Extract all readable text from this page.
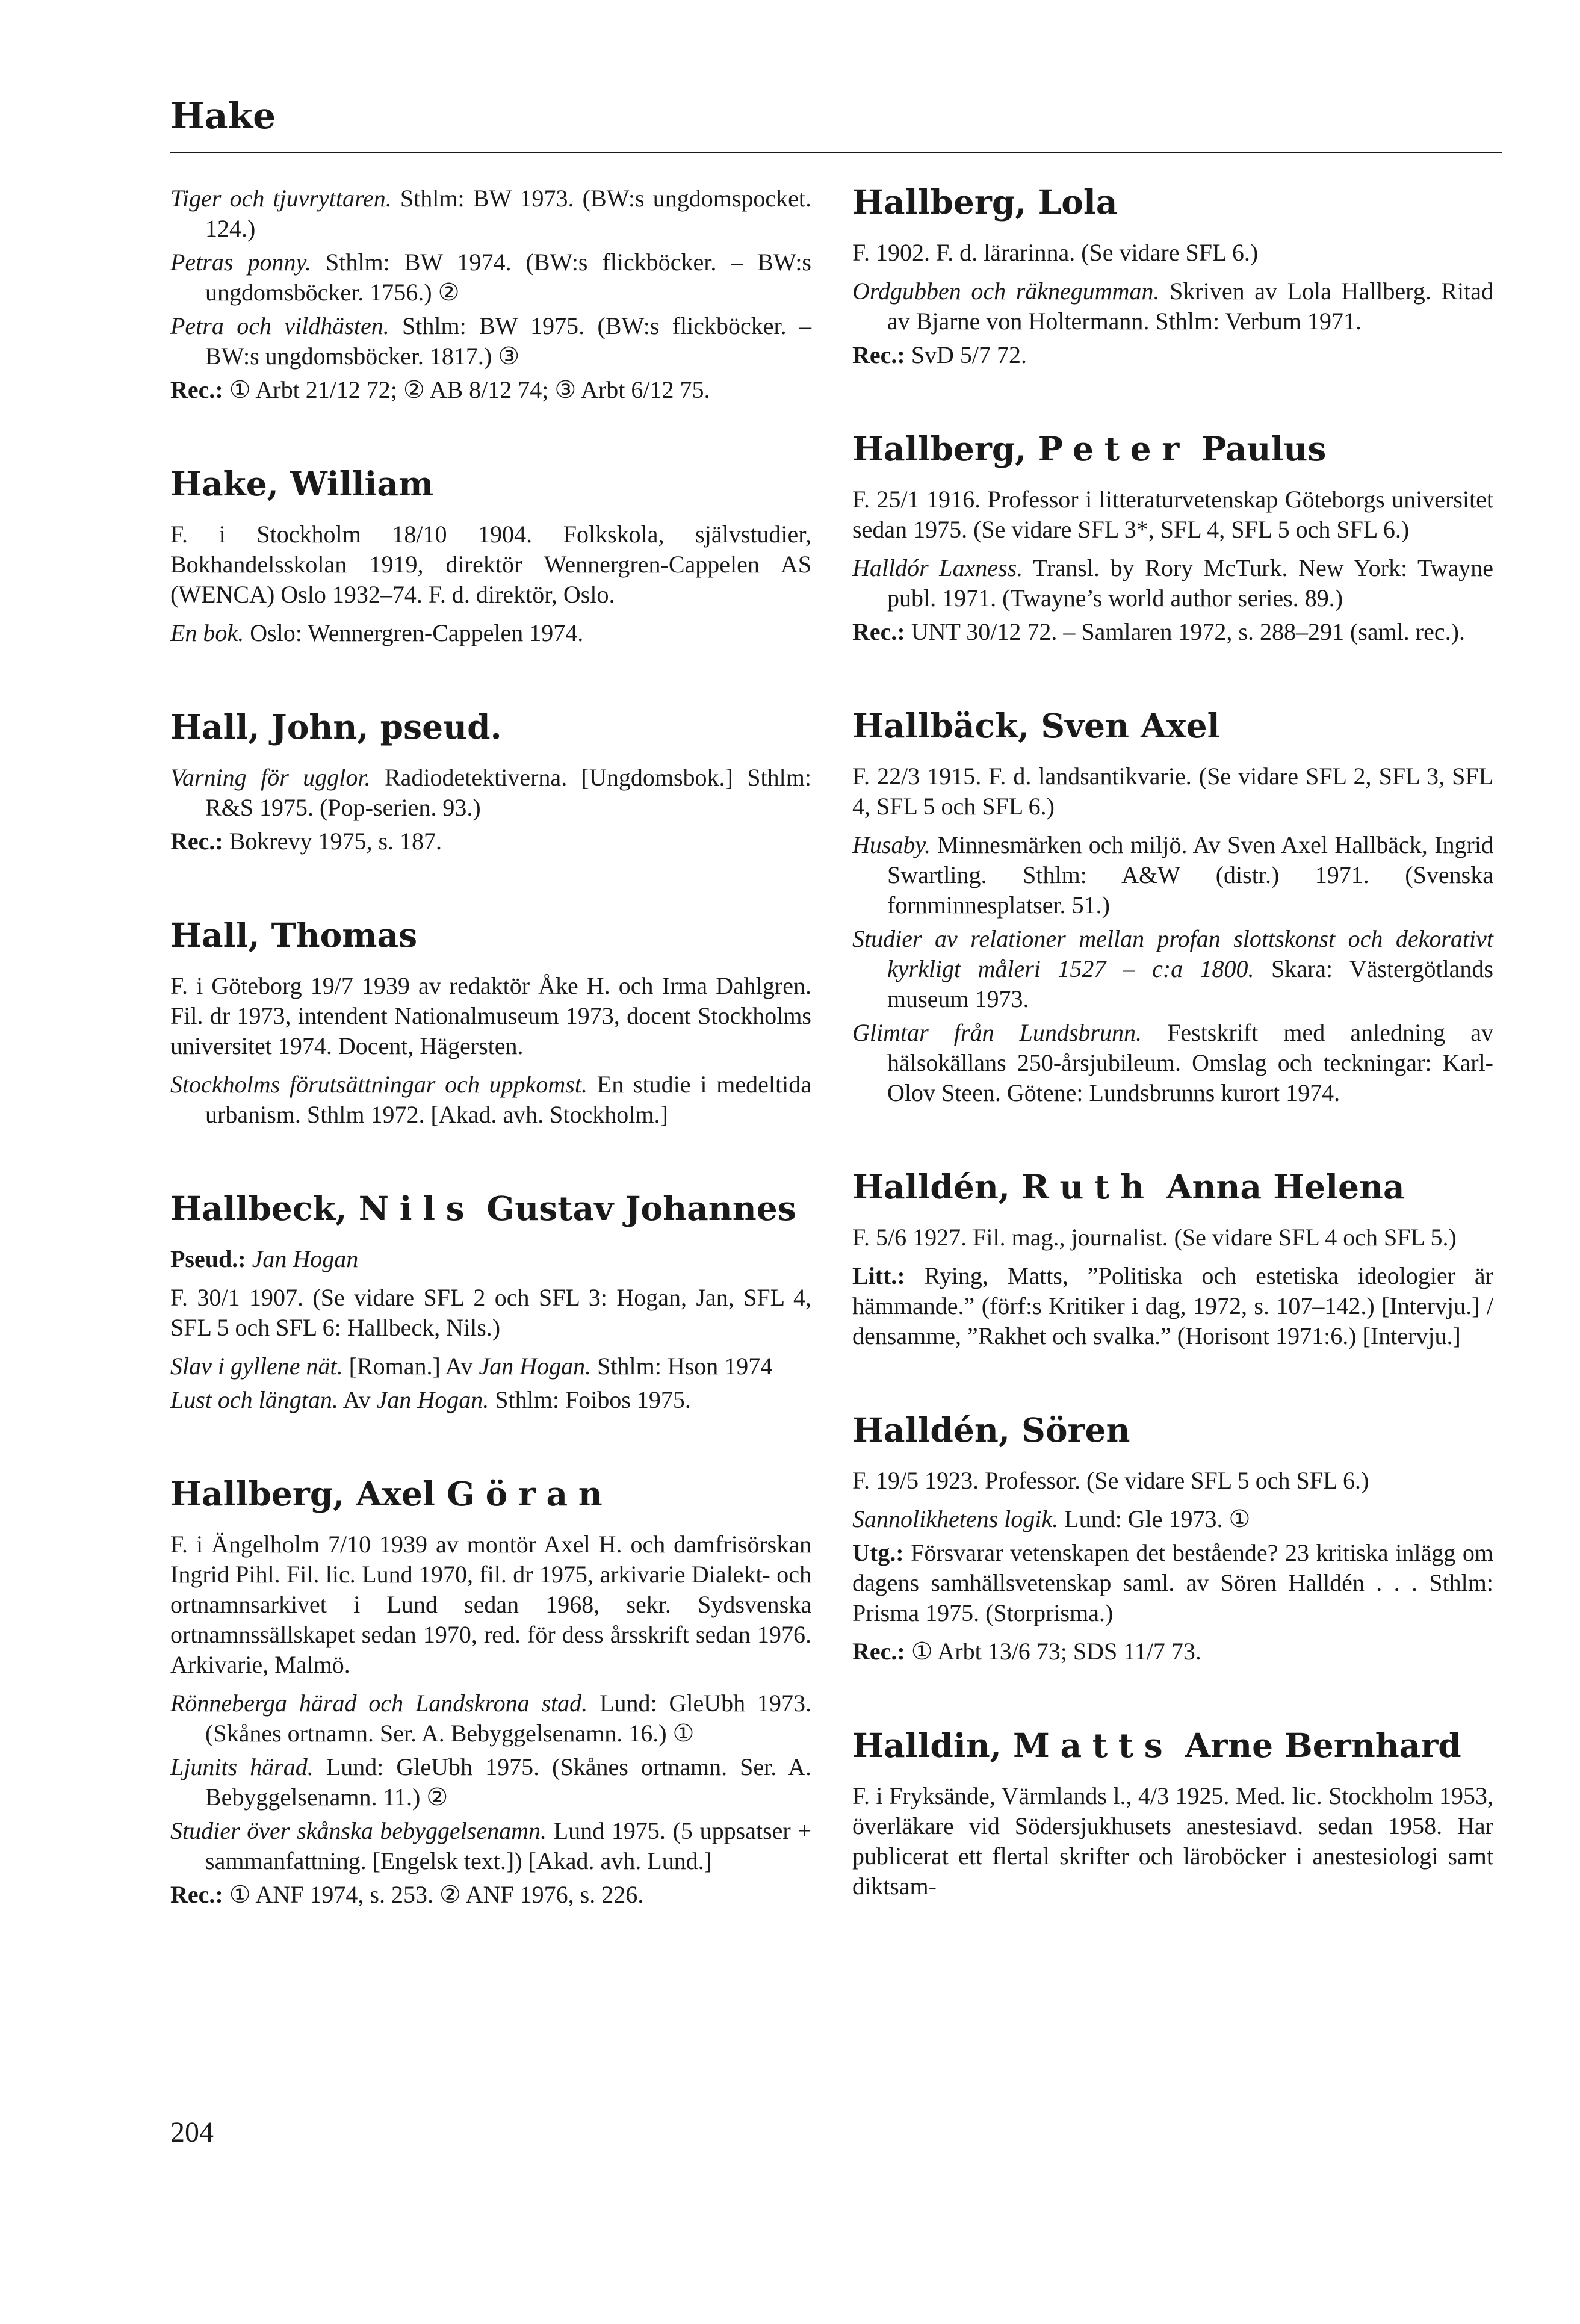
Hake

Tiger och tjuvryttaren. Sthlm: BW 1973. (BW:s ungdomspocket. 124.)

Petras ponny. Sthlm: BW 1974. (BW:s flickböcker. – BW:s ungdomsböcker. 1756.) ②

Petra och vildhästen. Sthlm: BW 1975. (BW:s flickböcker. – BW:s ungdomsböcker. 1817.) ③

Rec.: ① Arbt 21/12 72; ② AB 8/12 74; ③ Arbt 6/12 75.

Hake, William

F. i Stockholm 18/10 1904. Folkskola, självstudier, Bokhandelsskolan 1919, direktör Wennergren-Cappelen AS (WENCA) Oslo 1932–74. F. d. direktör, Oslo.

En bok. Oslo: Wennergren-Cappelen 1974.

Hall, John, pseud.

Varning för ugglor. Radiodetektiverna. [Ungdomsbok.] Sthlm: R&S 1975. (Pop-serien. 93.)

Rec.: Bokrevy 1975, s. 187.

Hall, Thomas

F. i Göteborg 19/7 1939 av redaktör Åke H. och Irma Dahlgren. Fil. dr 1973, intendent Nationalmuseum 1973, docent Stockholms universitet 1974. Docent, Hägersten.

Stockholms förutsättningar och uppkomst. En studie i medeltida urbanism. Sthlm 1972. [Akad. avh. Stockholm.]

Hallbeck, Nils Gustav Johannes

Pseud.: Jan Hogan

F. 30/1 1907. (Se vidare SFL 2 och SFL 3: Hogan, Jan, SFL 4, SFL 5 och SFL 6: Hallbeck, Nils.)

Slav i gyllene nät. [Roman.] Av Jan Hogan. Sthlm: Hson 1974

Lust och längtan. Av Jan Hogan. Sthlm: Foibos 1975.

Hallberg, Axel Göran

F. i Ängelholm 7/10 1939 av montör Axel H. och damfrisörskan Ingrid Pihl. Fil. lic. Lund 1970, fil. dr 1975, arkivarie Dialekt- och ortnamnsarkivet i Lund sedan 1968, sekr. Sydsvenska ortnamnssällskapet sedan 1970, red. för dess årsskrift sedan 1976. Arkivarie, Malmö.

Rönneberga härad och Landskrona stad. Lund: GleUbh 1973. (Skånes ortnamn. Ser. A. Bebyggelsenamn. 16.) ①

Ljunits härad. Lund: GleUbh 1975. (Skånes ortnamn. Ser. A. Bebyggelsenamn. 11.) ②

Studier över skånska bebyggelsenamn. Lund 1975. (5 uppsatser + sammanfattning. [Engelsk text.]) [Akad. avh. Lund.]

Rec.: ① ANF 1974, s. 253. ② ANF 1976, s. 226.

Hallberg, Lola

F. 1902. F. d. lärarinna. (Se vidare SFL 6.)

Ordgubben och räknegumman. Skriven av Lola Hallberg. Ritad av Bjarne von Holtermann. Sthlm: Verbum 1971.

Rec.: SvD 5/7 72.

Hallberg, Peter Paulus

F. 25/1 1916. Professor i litteraturvetenskap Göteborgs universitet sedan 1975. (Se vidare SFL 3*, SFL 4, SFL 5 och SFL 6.)

Halldór Laxness. Transl. by Rory McTurk. New York: Twayne publ. 1971. (Twayne’s world author series. 89.)

Rec.: UNT 30/12 72. – Samlaren 1972, s. 288–291 (saml. rec.).

Hallbäck, Sven Axel

F. 22/3 1915. F. d. landsantikvarie. (Se vidare SFL 2, SFL 3, SFL 4, SFL 5 och SFL 6.)

Husaby. Minnesmärken och miljö. Av Sven Axel Hallbäck, Ingrid Swartling. Sthlm: A&W (distr.) 1971. (Svenska fornminnesplatser. 51.)

Studier av relationer mellan profan slottskonst och dekorativt kyrkligt måleri 1527 – c:a 1800. Skara: Västergötlands museum 1973.

Glimtar från Lundsbrunn. Festskrift med anledning av hälsokällans 250-årsjubileum. Omslag och teckningar: Karl-Olov Steen. Götene: Lundsbrunns kurort 1974.

Halldén, Ruth Anna Helena

F. 5/6 1927. Fil. mag., journalist. (Se vidare SFL 4 och SFL 5.)

Litt.: Rying, Matts, ”Politiska och estetiska ideologier är hämmande.” (förf:s Kritiker i dag, 1972, s. 107–142.) [Intervju.] / densamme, ”Rakhet och svalka.” (Horisont 1971:6.) [Intervju.]

Halldén, Sören

F. 19/5 1923. Professor. (Se vidare SFL 5 och SFL 6.)

Sannolikhetens logik. Lund: Gle 1973. ①

Utg.: Försvarar vetenskapen det bestående? 23 kritiska inlägg om dagens samhällsvetenskap saml. av Sören Halldén . . . Sthlm: Prisma 1975. (Storprisma.)

Rec.: ① Arbt 13/6 73; SDS 11/7 73.

Halldin, Matts Arne Bernhard

F. i Fryksände, Värmlands l., 4/3 1925. Med. lic. Stockholm 1953, överläkare vid Södersjukhusets anestesiavd. sedan 1958. Har publicerat ett flertal skrifter och läroböcker i anestesiologi samt diktsam-

204
